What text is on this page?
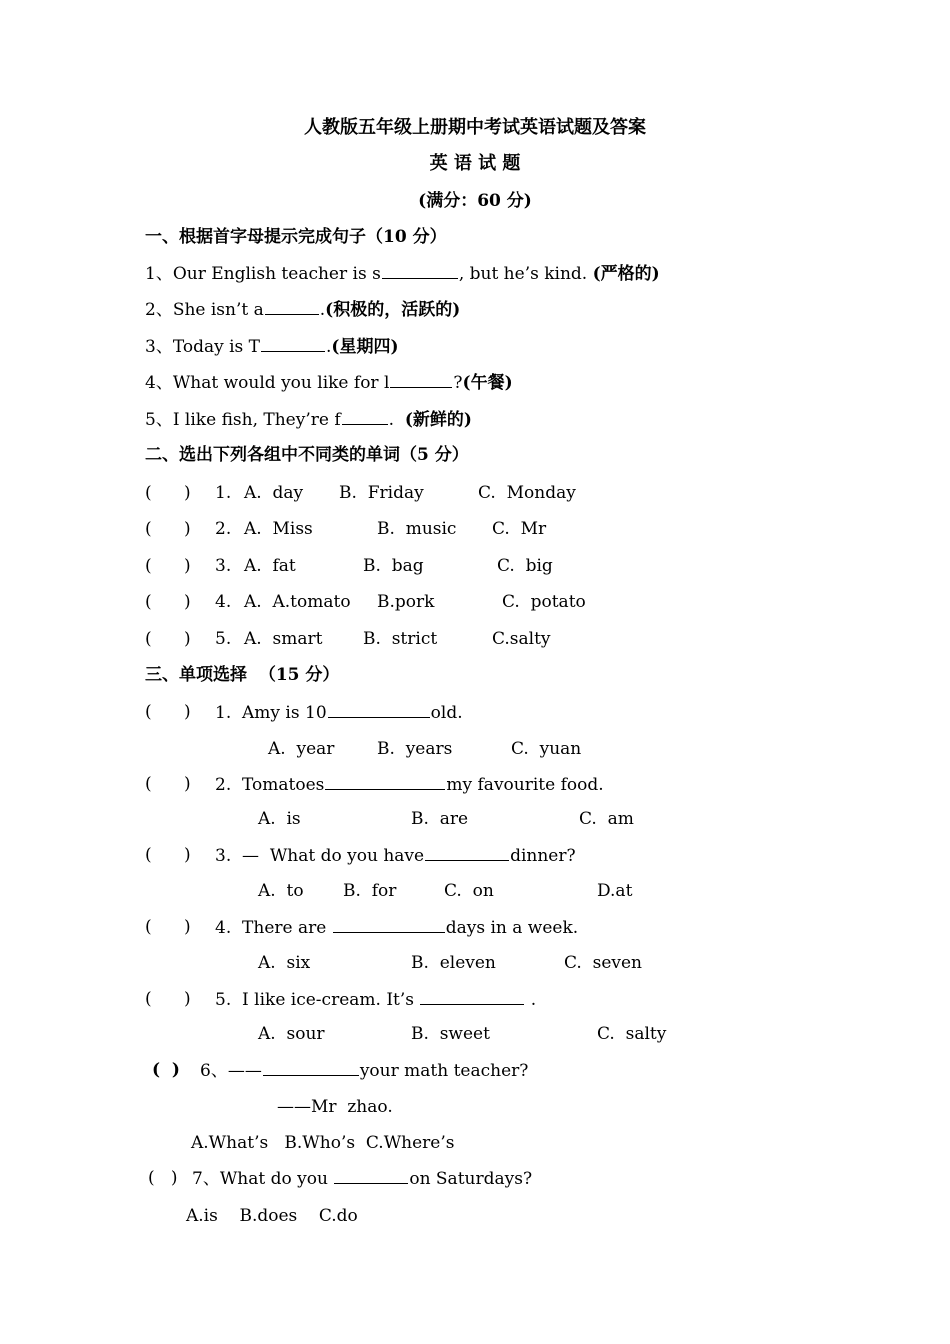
人教版五年级上册期中考试英语试题及答案
英 语 试 题
(满分：60 分)
一、根据首字母提示完成句子（10 分）
1、Our English teacher is s	, but he’s kind. (严格的)
2、She isn’t a	.(积极的，活跃的)
3、Today is T	.(星期四)
4、What would you like for l	?(午餐)
5、I like fish, They’re f	.  (新鲜的)
二、选出下列各组中不同类的单词（5 分）
(      ) 1. A.  day B.  Friday	C.  Monday
(      ) 2. A.  Miss	B.  music C.  Mr
(      ) 3. A.  fat	B.  bag	C.  big
(      ) 4. A.  A.tomato B.pork	C.  potato
(      ) 5. A.  smart B.  strict	C.salty
三、单项选择  （15 分）
(      ) 1.  Amy is 10	old.
A.  year	B.  years	C.  yuan
(      ) 2.  Tomatoes	my favourite food.
A.  is	B.  are	C.  am
(      ) 3.  —  What do you have	dinner?
A.  to B.  for	C.  on	D.at
(      ) 4.  There are	days in a week.
A.  six	B.  eleven	C.  seven
(      ) 5.  I like ice-cream. It’s	.
A.  sour	B.  sweet	C.  salty
(  ) 6、——	your math teacher?
——Mr  zhao.
A.What’s   B.Who’s  C.Where’s
(   ) 7、What do you	on Saturdays?
A.is    B.does    C.do
